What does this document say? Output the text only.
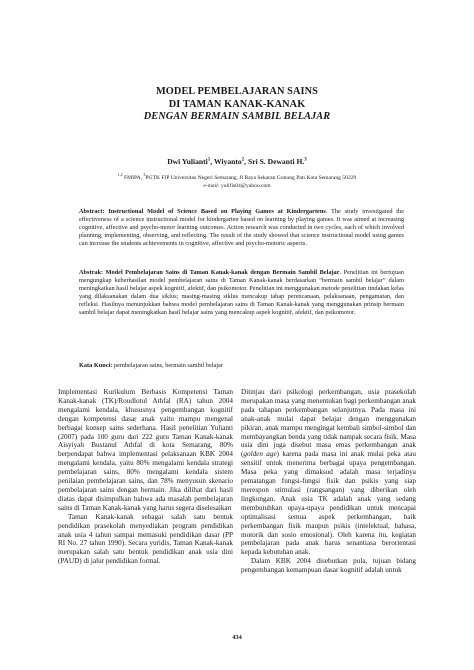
MODEL PEMBELAJARAN SAINS
DI TAMAN KANAK-KANAK
DENGAN BERMAIN SAMBIL BELAJAR
Dwi Yulianti$^1$, Wiyanto$^2$, Sri S. Dewanti H.$^3$
$^{1,2}$ FMIPA, $^3$PGTK FIP Universitas Negeri Semarang, Jl Raya Sekaran Gunung Pati Kota Semarang 50229
e-mail: yulifis04@yahoo.com
Abstract: Instructional Model of Science Based on Playing Games at Kindergartens. The study investigated the effectiveness of a science instructional model for kindergarten based on learning by playing games. It was aimed at increasing cognitive, affective and psycho-motor learning outcomes. Action research was conducted in two cycles, each of which involved planning, implementing, observing, and reflecting. The result of the study showed that science instructional model using games can increase the students achievements in cognitive, affective and psycho-motoric aspects.
Abstrak: Model Pembelajaran Sains di Taman Kanak-kanak dengan Bermain Sambil Belajar. Penelitian ini bertujuan mengungkap keberhasilan model pembelajaran sains di Taman Kanak-kanak berdasarkan “bermain sambil belajar” dalam meningkatkan hasil belajar aspek kognitif, afektif, dan psikomotor. Penelitian ini menggunakan metode penelitian tindakan kelas yang dilaksanakan dalam dua siklus; masing-masing siklus mencakup tahap perencanaan, pelaksanaan, pengamatan, dan refleksi. Hasilnya menunjukkan bahwa model pembelajaran sains di Taman Kanak-kanak yang menggunakan prinsip bermain sambil belajar dapat meningkatkan hasil belajar sains yang mencakup aspek kognitif, afektif, dan psikomotor.
Kata Kunci: pembelajaran sains, bermain sambil belajar

Implementasi Kurikulum Berbasis Kompetensi Taman Kanak-kanak (TK)/Roudlotul Athfal (RA) tahun 2004 mengalami kendala, khususnya pengembangan kognitif dengan kompetensi dasar anak yaitu mampu mengenal berbagai konsep sains sederhana. Hasil penelitian Yulianti (2007) pada 100 guru dari 222 guru Taman Kanak-kanak Aisyiyah Bustanul Athfal di kota Semarang, 80% berpendapat bahwa implementasi pelaksanaan KBK 2004 mengalami kendala, yaitu 80% mengalami kendala strategi pembelajaran sains, 80% mengalami kendala sistem penilaian pembelajaran sains, dan 78% menyusun skenario pembelajaran sains dengan bermain. Jika dilihat dari hasil diatas dapat disimpulkan bahwa ada masalah pembelajaran sains di Taman Kanak-kanak yang harus segera diselesaikan

Taman Kanak-kanak sebagai salah satu bentuk pendidikan prasekolah menyediakan program pendidikan anak usia 4 tahun sampai memasuki pendidikan dasar (PP RI No. 27 tahun 1990). Secara yuridis, Taman Kanak-kanak merupakan salah satu bentuk pendidikan anak usia dini (PAUD) di jalur pendidikan formal.

Ditinjau dari psikologi perkembangan, usia prasekolah merupakan masa yang menentukan bagi perkembangan anak pada tahapan perkembangan selanjutnya. Pada masa ini anak-anak mulai dapat belajar dengan menggunakan pikiran, anak mampu mengingat kembali simbol-simbol dan membayangkan benda yang tidak nampak secara fisik. Masa usia dini juga disebut masa emas perkembangan anak (golden age) karena pada masa ini anak mulai peka atau sensitif untuk menerima berbagai upaya pengembangan. Masa peka yang dimaksud adalah masa terjadinya pematangan fungsi-fungsi fisik dan psikis yang siap merespon stimulasi (rangsangan) yang diberikan oleh lingkungan. Anak usia TK adalah anak yang sedang membutuhkan upaya-upaya pendidikan untuk mencapai optimalisasi semua aspek perkembangan, baik perkembangan fisik maupun psikis (intelektual, bahasa, motorik dan sosio emosional). Oleh karena itu, kegiatan pembelajaran pada anak harus senantiasa berorientasi kepada kebutuhan anak.

Dalam KBK 2004 disebutkan pula, tujuan bidang pengembangan kemampuan dasar kognitif adalah untuk

434
